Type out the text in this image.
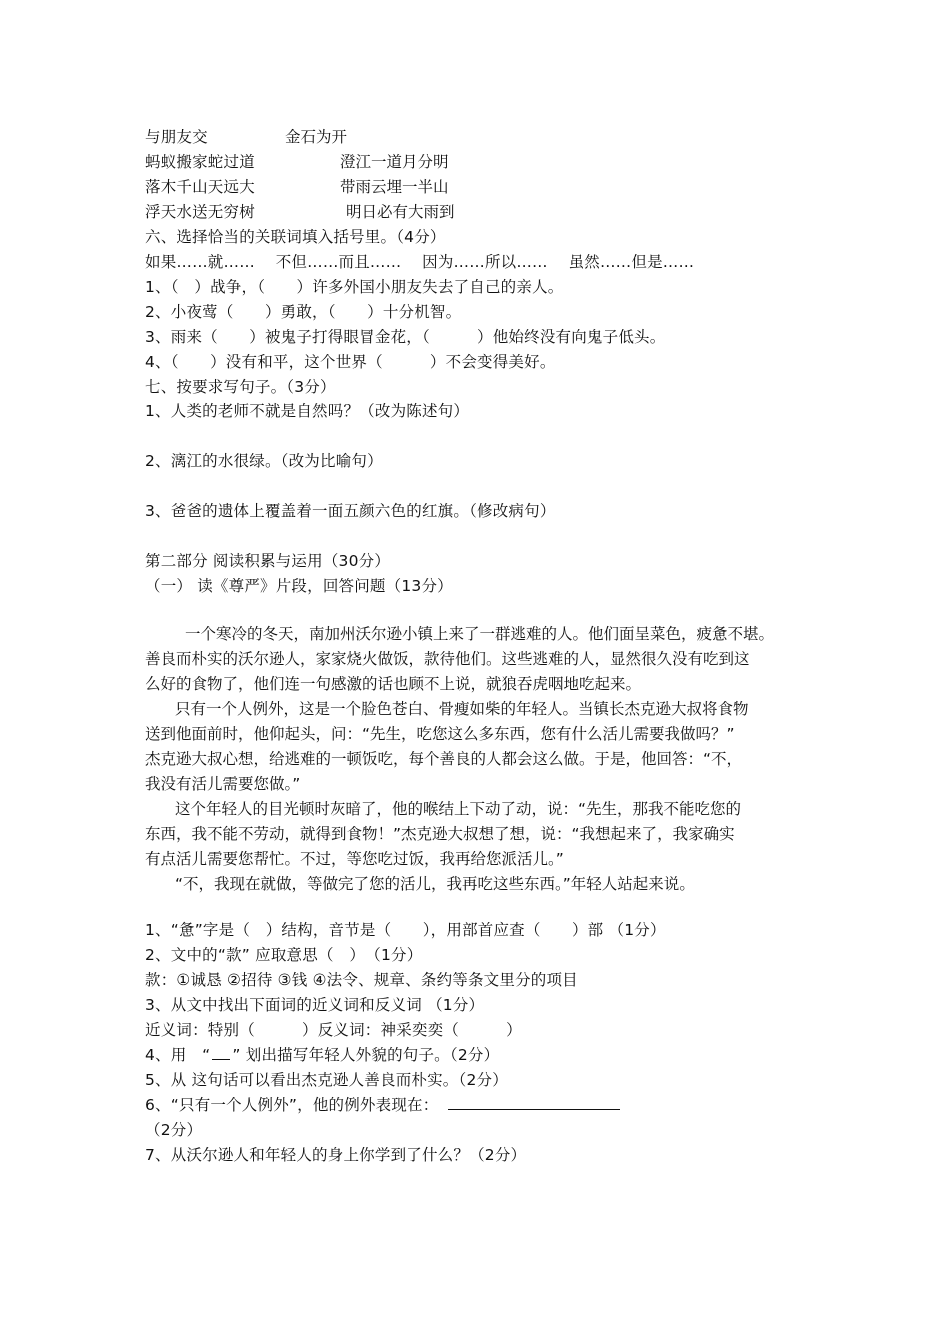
与朋友交	金石为开
蚂蚁搬家蛇过道	澄江一道月分明
落木千山天远大	带雨云埋一半山
浮天水送无穷树	明日必有大雨到
六、选择恰当的关联词填入括号里。（4分）
如果……就……　 不但……而且……　 因为……所以……　 虽然……但是……
1、（　）战争，（　　）许多外国小朋友失去了自己的亲人。
2、小夜莺（　　）勇敢，（　　）十分机智。
3、雨来（　　）被鬼子打得眼冒金花，（　　　）他始终没有向鬼子低头。
4、（　　）没有和平，这个世界（　　　）不会变得美好。
七、按要求写句子。（3分）
1、人类的老师不就是自然吗？（改为陈述句）
2、漓江的水很绿。（改为比喻句）
3、爸爸的遗体上覆盖着一面五颜六色的红旗。（修改病句）
第二部分 阅读积累与运用（30分）
（一） 读《尊严》片段，回答问题（13分）
一个寒冷的冬天，南加州沃尔逊小镇上来了一群逃难的人。他们面呈菜色，疲惫不堪。
善良而朴实的沃尔逊人，家家烧火做饭，款待他们。这些逃难的人，显然很久没有吃到这
么好的食物了，他们连一句感激的话也顾不上说，就狼吞虎咽地吃起来。
只有一个人例外，这是一个脸色苍白、骨瘦如柴的年轻人。当镇长杰克逊大叔将食物
送到他面前时，他仰起头，问：“先生，吃您这么多东西，您有什么活儿需要我做吗？”
杰克逊大叔心想，给逃难的一顿饭吃，每个善良的人都会这么做。于是，他回答：“不，
我没有活儿需要您做。”
这个年轻人的目光顿时灰暗了，他的喉结上下动了动，说：“先生，那我不能吃您的
东西，我不能不劳动，就得到食物！”杰克逊大叔想了想，说：“我想起来了，我家确实
有点活儿需要您帮忙。不过，等您吃过饭，我再给您派活儿。”
“不，我现在就做，等做完了您的活儿，我再吃这些东西。”年轻人站起来说。
1、“惫”字是（　）结构，音节是（　　），用部首应查（　　）部 （1分）
2、文中的“款” 应取意思（　）　（1分）
款：①诚恳 ②招待 ③钱 ④法令、规章、条约等条文里分的项目
3、从文中找出下面词的近义词和反义词 （1分）
近义词：特别（　　　）反义词：神采奕奕（　　　）
4、用　“ ” 划出描写年轻人外貌的句子。（2分）
5、从 这句话可以看出杰克逊人善良而朴实。（2分）
6、“只有一个人例外”，他的例外表现在：
（2分）
7、从沃尔逊人和年轻人的身上你学到了什么？（2分）
